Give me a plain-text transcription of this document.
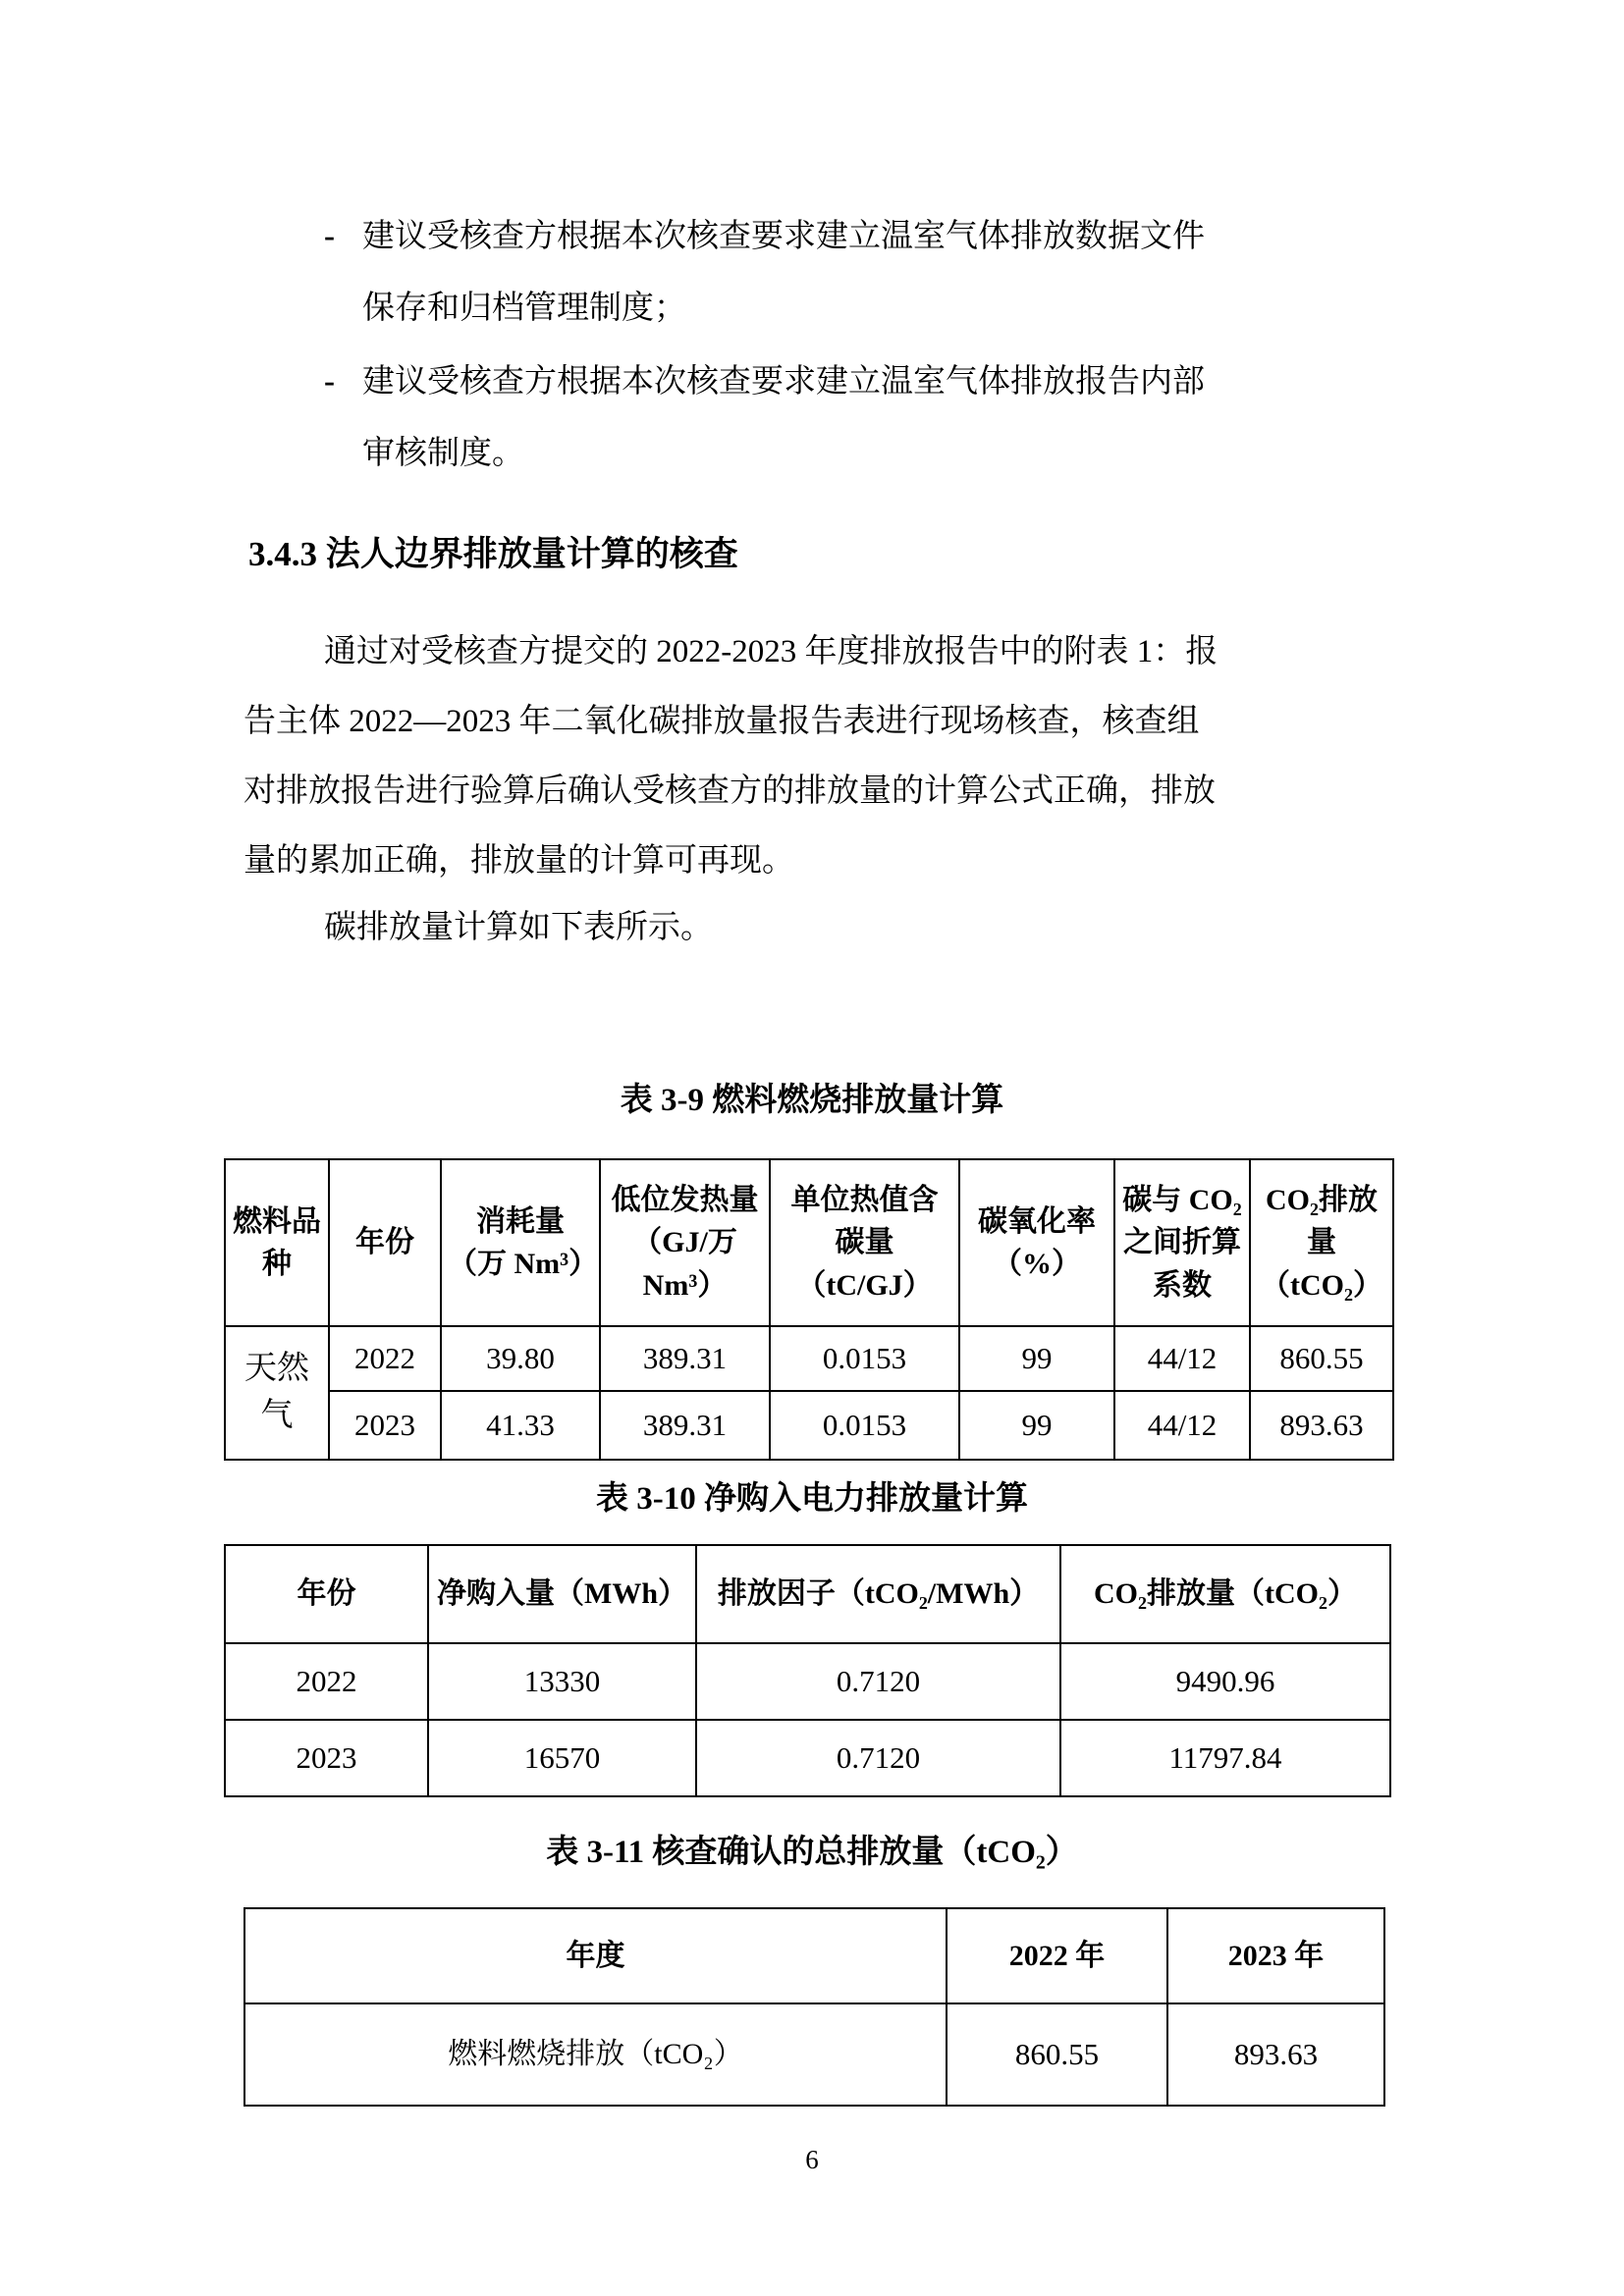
- 建议受核查方根据本次核查要求建立温室气体排放数据文件
保存和归档管理制度；
- 建议受核查方根据本次核查要求建立温室气体排放报告内部
审核制度。
3.4.3 法人边界排放量计算的核查
通过对受核查方提交的 2022-2023 年度排放报告中的附表 1：报
告主体 2022—2023 年二氧化碳排放量报告表进行现场核查，核查组
对排放报告进行验算后确认受核查方的排放量的计算公式正确，排放
量的累加正确，排放量的计算可再现。
碳排放量计算如下表所示。
表 3-9 燃料燃烧排放量计算
燃料品种	年份	消耗量（万 Nm³）	低位发热量（GJ/万 Nm³）	单位热值含碳量（tC/GJ）	碳氧化率（%）	碳与 CO₂之间折算系数	CO₂排放量（tCO₂）
天然气	2022	39.80	389.31	0.0153	99	44/12	860.55
	2023	41.33	389.31	0.0153	99	44/12	893.63
表 3-10 净购入电力排放量计算
年份	净购入量（MWh）	排放因子（tCO₂/MWh）	CO₂排放量（tCO₂）
2022	13330	0.7120	9490.96
2023	16570	0.7120	11797.84
表 3-11 核查确认的总排放量（tCO₂）
年度	2022 年	2023 年
燃料燃烧排放（tCO₂）	860.55	893.63
6
